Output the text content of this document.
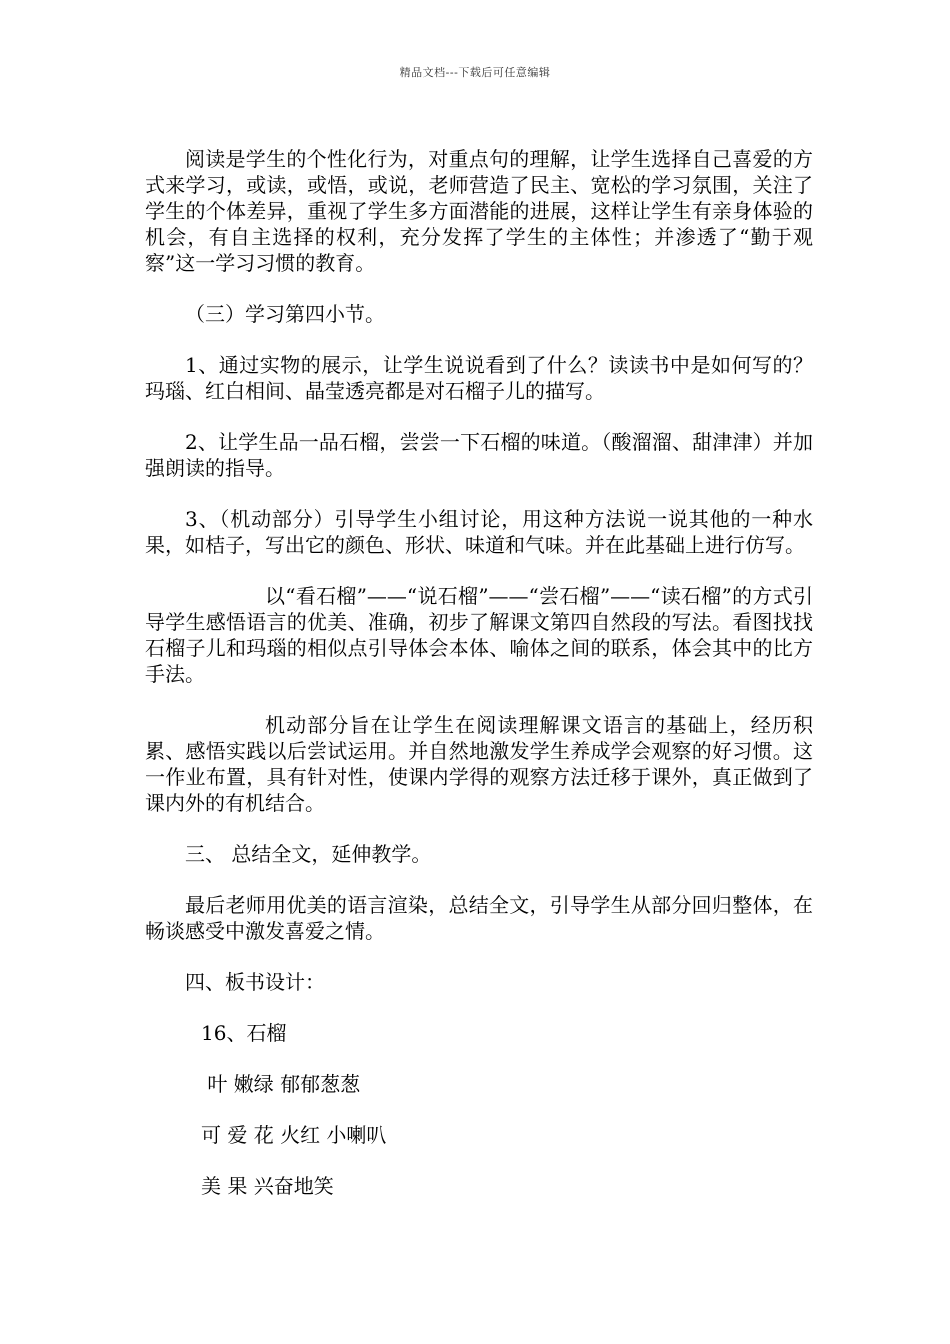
精品文档---下载后可任意编辑

阅读是学生的个性化行为，对重点句的理解，让学生选择自己喜爱的方式来学习，或读，或悟，或说，老师营造了民主、宽松的学习氛围，关注了学生的个体差异，重视了学生多方面潜能的进展，这样让学生有亲身体验的机会，有自主选择的权利，充分发挥了学生的主体性；并渗透了“勤于观察”这一学习习惯的教育。

（三）学习第四小节。

1、通过实物的展示，让学生说说看到了什么？读读书中是如何写的？玛瑙、红白相间、晶莹透亮都是对石榴子儿的描写。

2、让学生品一品石榴，尝尝一下石榴的味道。（酸溜溜、甜津津）并加强朗读的指导。

3、（机动部分）引导学生小组讨论，用这种方法说一说其他的一种水果，如桔子，写出它的颜色、形状、味道和气味。并在此基础上进行仿写。

以“看石榴”——“说石榴”——“尝石榴”——“读石榴”的方式引导学生感悟语言的优美、准确，初步了解课文第四自然段的写法。看图找找石榴子儿和玛瑙的相似点引导体会本体、喻体之间的联系，体会其中的比方手法。

机动部分旨在让学生在阅读理解课文语言的基础上，经历积累、感悟实践以后尝试运用。并自然地激发学生养成学会观察的好习惯。这一作业布置，具有针对性，使课内学得的观察方法迁移于课外，真正做到了课内外的有机结合。

三、 总结全文，延伸教学。

最后老师用优美的语言渲染，总结全文，引导学生从部分回归整体，在畅谈感受中激发喜爱之情。

四、板书设计：

16、石榴
叶 嫩绿 郁郁葱葱
可 爱 花 火红 小喇叭
美 果 兴奋地笑
